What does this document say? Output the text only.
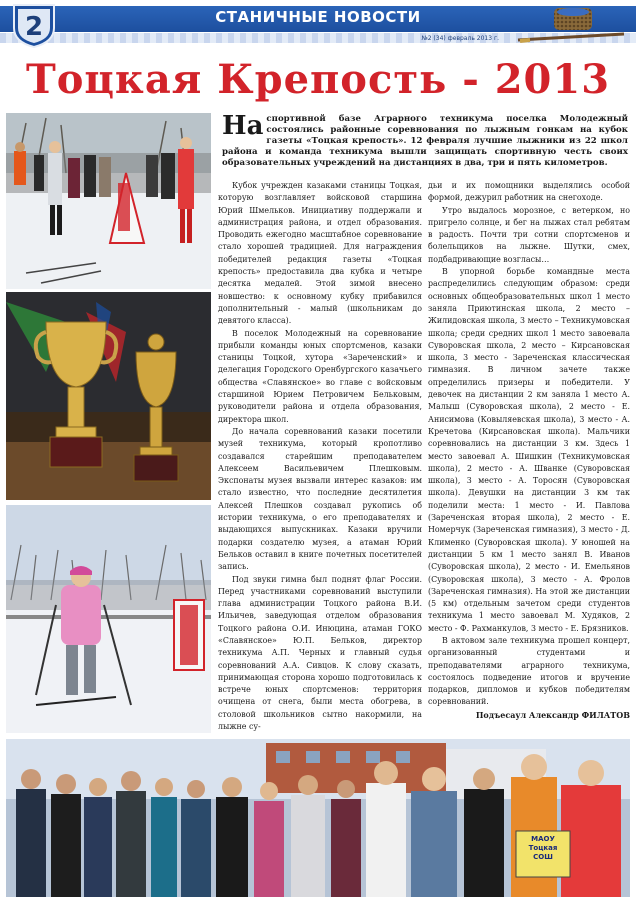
2	СТАНИЧНЫЕ НОВОСТИ
№2 (34) февраль 2013 г.
Тоцкая Крепость - 2013
МАОУ Тоцкая СОШ
На спортивной базе Аграрного техникума поселка Молодежный состоялись районные соревнования по лыжным гонкам на кубок газеты «Тоцкая крепость». 12 февраля лучшие лыжники из 22 школ района и команда техникума вышли защищать спортивную честь своих образовательных учреждений на дистанциях в два, три и пять километров.

Кубок учрежден казаками станицы Тоцкая, которую возглавляет войсковой старшина Юрий Шмельков. Инициативу поддержали и администрация района, и отдел образования. Проводить ежегодно масштабное соревнование стало хорошей традицией. Для награждения победителей редакция газеты «Тоцкая крепость» предоставила два кубка и четыре десятка медалей. Этой зимой внесено новшество: к основному кубку прибавился дополнительный - малый (школьникам до девятого класса).

В поселок Молодежный на соревнование прибыли команды юных спортсменов, казаки станицы Тоцкой, хутора «Зареченский» и делегация Городского Оренбургского казачьего общества «Славянское» во главе с войсковым старшиной Юрием Петровичем Бельковым, руководители района и отдела образования, директора школ.

До начала соревнований казаки посетили музей техникума, который кропотливо создавался старейшим преподавателем Алексеем Васильевичем Плешковым. Экспонаты музея вызвали интерес казаков: им стало известно, что последние десятилетия Алексей Плешков создавал рукопись об истории техникума, о его преподавателях и выдающихся выпускниках. Казаки вручили подарки создателю музея, а атаман Юрий Бельков оставил в книге почетных посетителей запись.

Под звуки гимна был поднят флаг России. Перед участниками соревнований выступили глава администрации Тоцкого района В.И. Ильичев, заведующая отделом образования Тоцкого района О.И. Инюцина, атаман ГОКО «Славянское» Ю.П. Бельков, директор техникума А.П. Черных и главный судья соревнований А.А. Сивцов. К слову сказать, принимающая сторона хорошо подготовилась к встрече юных спортсменов: территория очищена от снега, были места обогрева, в столовой школьников сытно накормили, на лыжне су-

дьи и их помощники выделялись особой формой, дежурил работник на снегоходе.

Утро выдалось морозное, с ветерком, но пригрело солнце, и бег на лыжах стал ребятам в радость. Почти три сотни спортсменов и болельщиков на лыжне. Шутки, смех, подбадривающие возгласы…

В упорной борьбе командные места распределились следующим образом: среди основных общеобразовательных школ 1 место заняла Приютинская школа, 2 место – Жилидовская школа, 3 место – Техникумовская школа; среди средних школ 1 место завоевала Суворовская школа, 2 место – Кирсановская школа, 3 место - Зареченская классическая гимназия. В личном зачете также определились призеры и победители. У девочек на дистанции 2 км заняла 1 место А. Малыш (Суворовская школа), 2 место - Е. Анисимова (Ковыляевская школа), 3 место - А. Кречетова (Кирсановская школа). Мальчики соревновались на дистанции 3 км. Здесь 1 место завоевал А. Шишкин (Техникумовская школа), 2 место - А. Шванке (Суворовская школа), 3 место - А. Торосян (Суворовская школа). Девушки на дистанции 3 км так поделили места: 1 место - И. Павлова (Зареченская вторая школа), 2 место - Е. Номерчук (Зареченская гимназия), 3 место - Д. Клименко (Суворовская школа). У юношей на дистанции 5 км 1 место занял В. Иванов (Суворовская школа), 2 место - И. Емельянов (Суворовская школа), 3 место - А. Фролов (Зареченская гимназия). На этой же дистанции (5 км) отдельным зачетом среди студентов техникума 1 место завоевал М. Худяков, 2 место - Ф. Рахманкулов, 3 место - Е. Брязников.

В актовом зале техникума прошел концерт, организованный студентами и преподавателями аграрного техникума, состоялось подведение итогов и вручение подарков, дипломов и кубков победителям соревнований.

Подъесаул Александр ФИЛАТОВ
